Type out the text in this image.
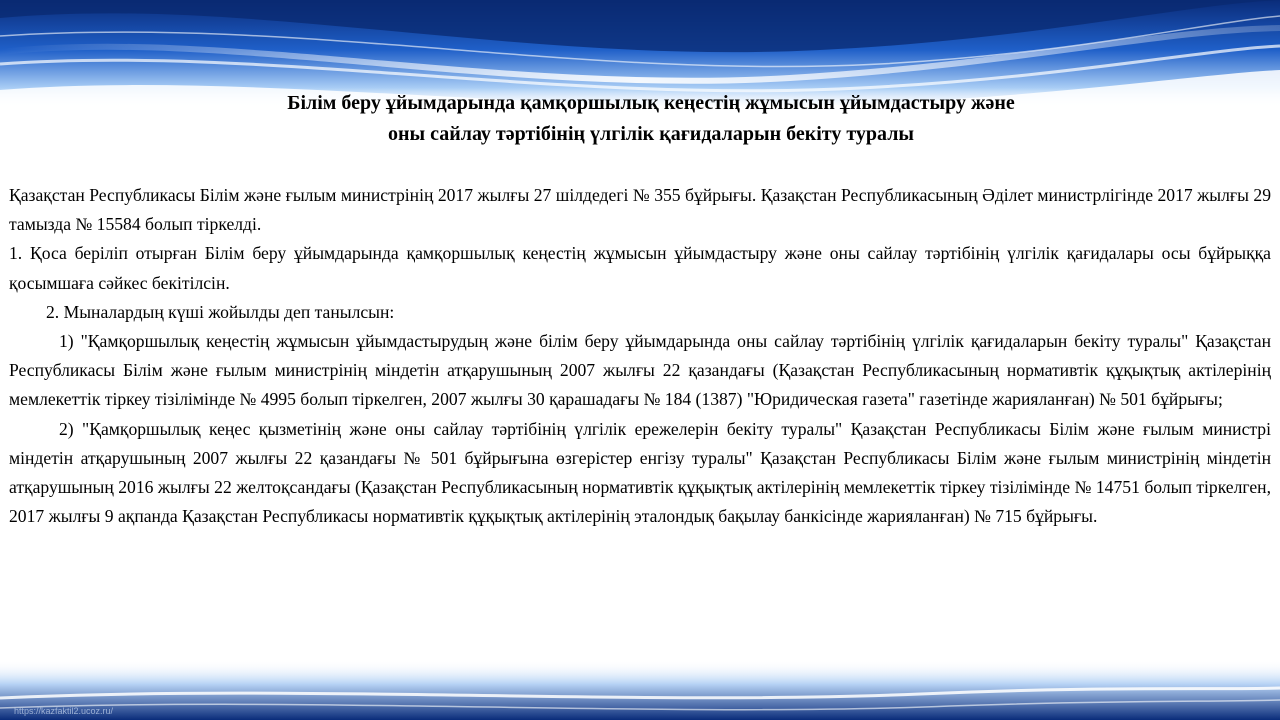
Білім беру ұйымдарында қамқоршылық кеңестің жұмысын ұйымдастыру және
оны сайлау тәртібінің үлгілік қағидаларын бекіту туралы

Қазақстан Республикасы Білім және ғылым министрінің 2017 жылғы 27 шілдедегі № 355 бұйрығы. Қазақстан Республикасының Әділет министрлігінде 2017 жылғы 29 тамызда № 15584 болып тіркелді.

1. Қоса беріліп отырған Білім беру ұйымдарында қамқоршылық кеңестің жұмысын ұйымдастыру және оны сайлау тәртібінің үлгілік қағидалары осы бұйрыққа қосымшаға сәйкес бекітілсін.

2. Мыналардың күші жойылды деп танылсын:

1) "Қамқоршылық кеңестің жұмысын ұйымдастырудың және білім беру ұйымдарында оны сайлау тәртібінің үлгілік қағидаларын бекіту туралы" Қазақстан Республикасы Білім және ғылым министрінің міндетін атқарушының 2007 жылғы 22 қазандағы (Қазақстан Республикасының нормативтік құқықтық актілерінің мемлекеттік тіркеу тізілімінде № 4995 болып тіркелген, 2007 жылғы 30 қарашадағы № 184 (1387) "Юридическая газета" газетінде жарияланған) № 501 бұйрығы;

2) "Қамқоршылық кеңес қызметінің және оны сайлау тәртібінің үлгілік ережелерін бекіту туралы" Қазақстан Республикасы Білім және ғылым министрі міндетін атқарушының 2007 жылғы 22 қазандағы № 501 бұйрығына өзгерістер енгізу туралы" Қазақстан Республикасы Білім және ғылым министрінің міндетін атқарушының 2016 жылғы 22 желтоқсандағы (Қазақстан Республикасының нормативтік құқықтық актілерінің мемлекеттік тіркеу тізілімінде № 14751 болып тіркелген, 2017 жылғы 9 ақпанда Қазақстан Республикасы нормативтік құқықтық актілерінің эталондық бақылау банкісінде жарияланған) № 715 бұйрығы.

https://kazfaktil2.ucoz.ru/
